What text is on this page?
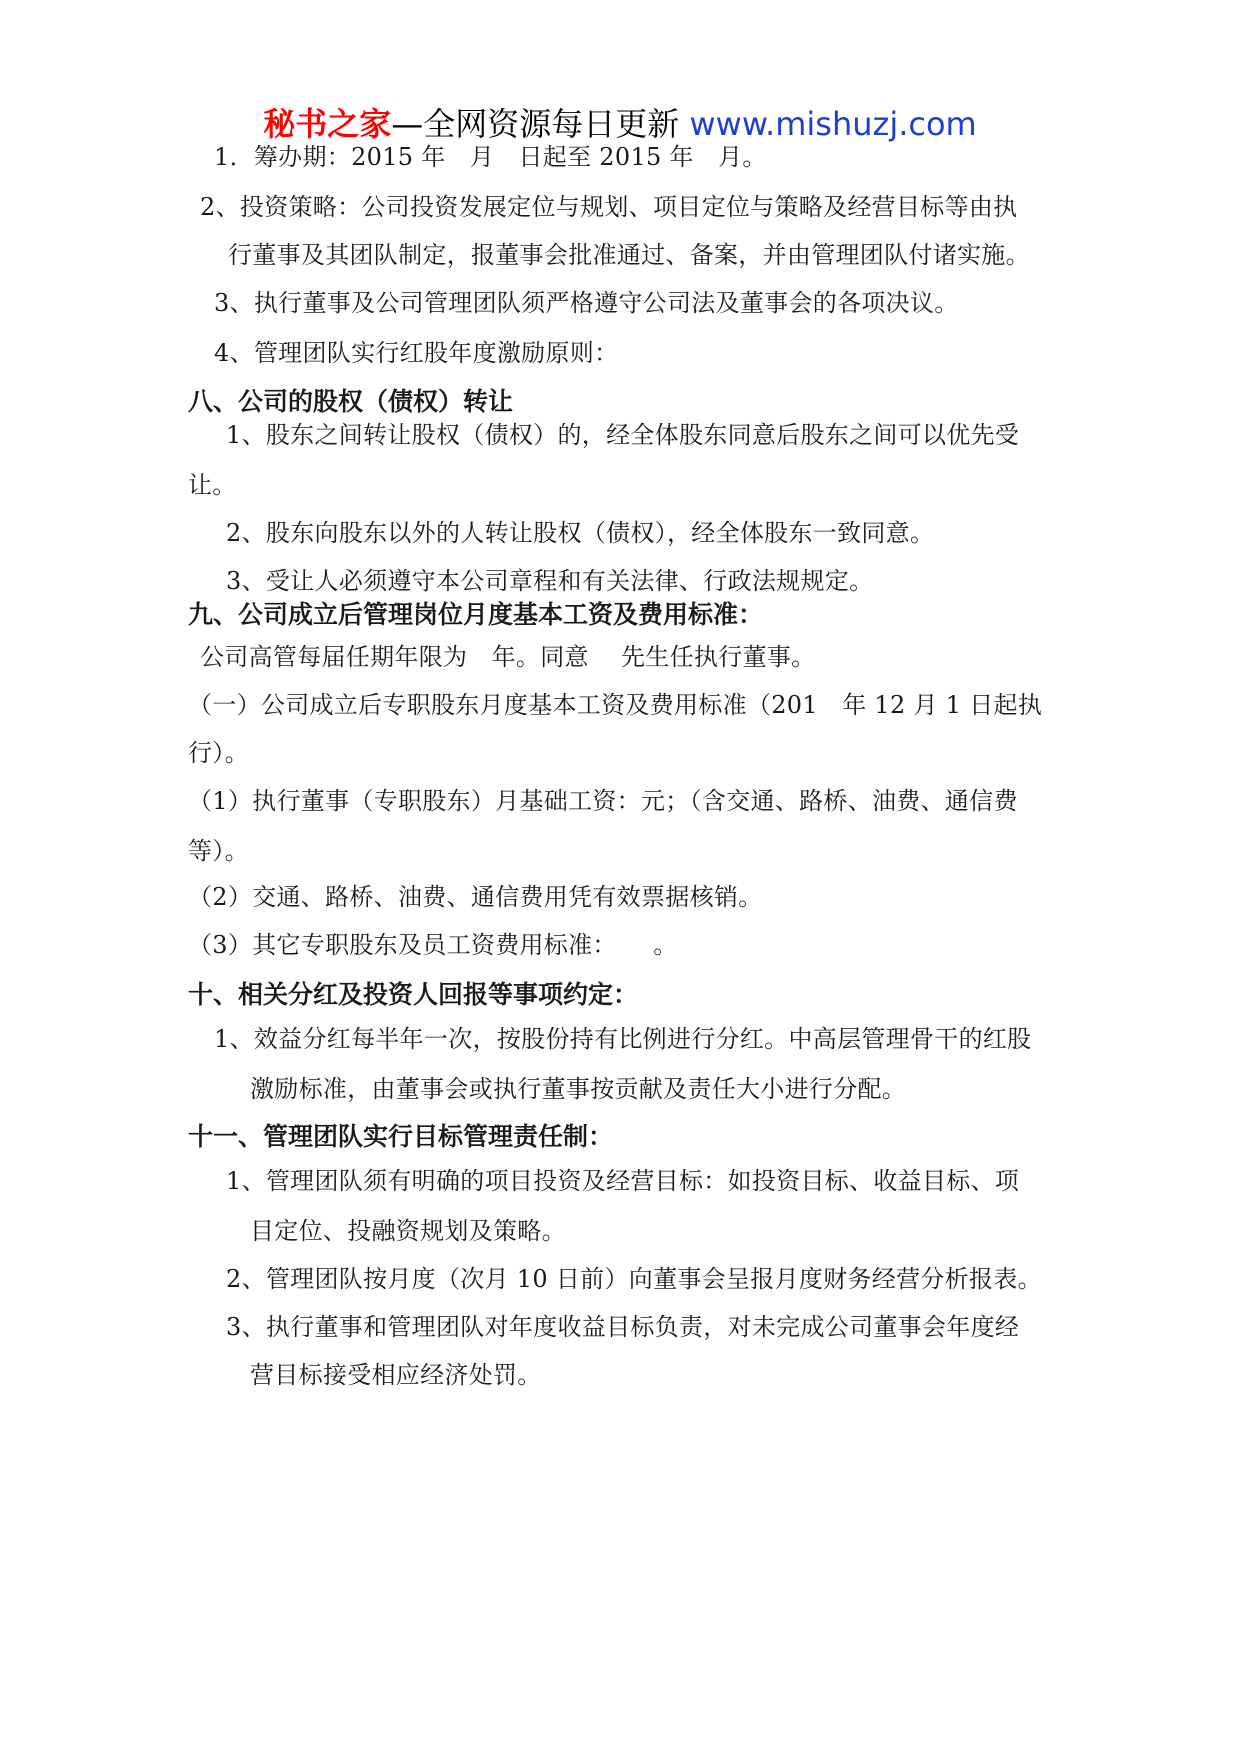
秘书之家—全网资源每日更新 www.mishuzj.com
1．筹办期：2015 年　月　日起至 2015 年　月。
2、投资策略：公司投资发展定位与规划、项目定位与策略及经营目标等由执
行董事及其团队制定，报董事会批准通过、备案，并由管理团队付诸实施。
3、执行董事及公司管理团队须严格遵守公司法及董事会的各项决议。
4、管理团队实行红股年度激励原则：
八、公司的股权（债权）转让
1、股东之间转让股权（债权）的，经全体股东同意后股东之间可以优先受
让。
2、股东向股东以外的人转让股权（债权），经全体股东一致同意。
3、受让人必须遵守本公司章程和有关法律、行政法规规定。
九、公司成立后管理岗位月度基本工资及费用标准：
公司高管每届任期年限为　年。同意　 先生任执行董事。
（一）公司成立后专职股东月度基本工资及费用标准（201　年 12 月 1 日起执
行）。
（1）执行董事（专职股东）月基础工资：元；（含交通、路桥、油费、通信费
等）。
（2）交通、路桥、油费、通信费用凭有效票据核销。
（3）其它专职股东及员工资费用标准：　　。
十、相关分红及投资人回报等事项约定：
1、效益分红每半年一次，按股份持有比例进行分红。中高层管理骨干的红股
激励标准，由董事会或执行董事按贡献及责任大小进行分配。
十一、管理团队实行目标管理责任制：
1、管理团队须有明确的项目投资及经营目标：如投资目标、收益目标、项
目定位、投融资规划及策略。
2、管理团队按月度（次月 10 日前）向董事会呈报月度财务经营分析报表。
3、执行董事和管理团队对年度收益目标负责，对未完成公司董事会年度经
营目标接受相应经济处罚。
